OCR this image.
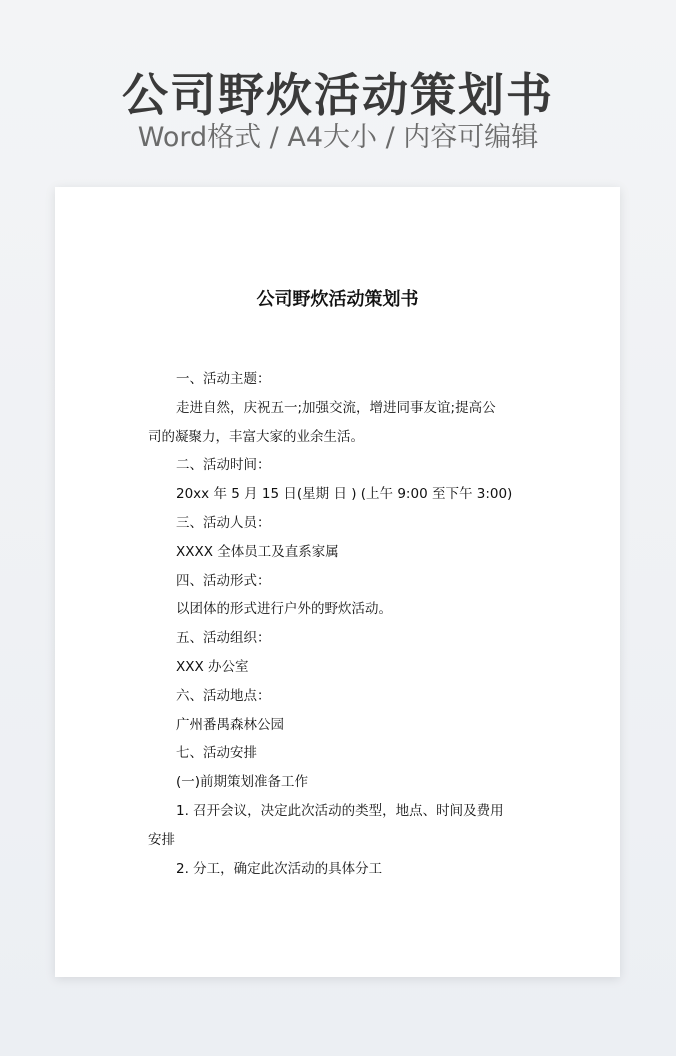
公司野炊活动策划书
Word格式 / A4大小 / 内容可编辑
公司野炊活动策划书
一、活动主题：
走进自然，庆祝五一;加强交流，增进同事友谊;提高公
司的凝聚力，丰富大家的业余生活。
二、活动时间：
20xx 年 5 月 15 日(星期 日 ) (上午 9:00 至下午 3:00)
三、活动人员：
XXXX 全体员工及直系家属
四、活动形式：
以团体的形式进行户外的野炊活动。
五、活动组织：
XXX 办公室
六、活动地点：
广州番禺森林公园
七、活动安排
(一)前期策划准备工作
1. 召开会议，决定此次活动的类型，地点、时间及费用
安排
2. 分工，确定此次活动的具体分工
